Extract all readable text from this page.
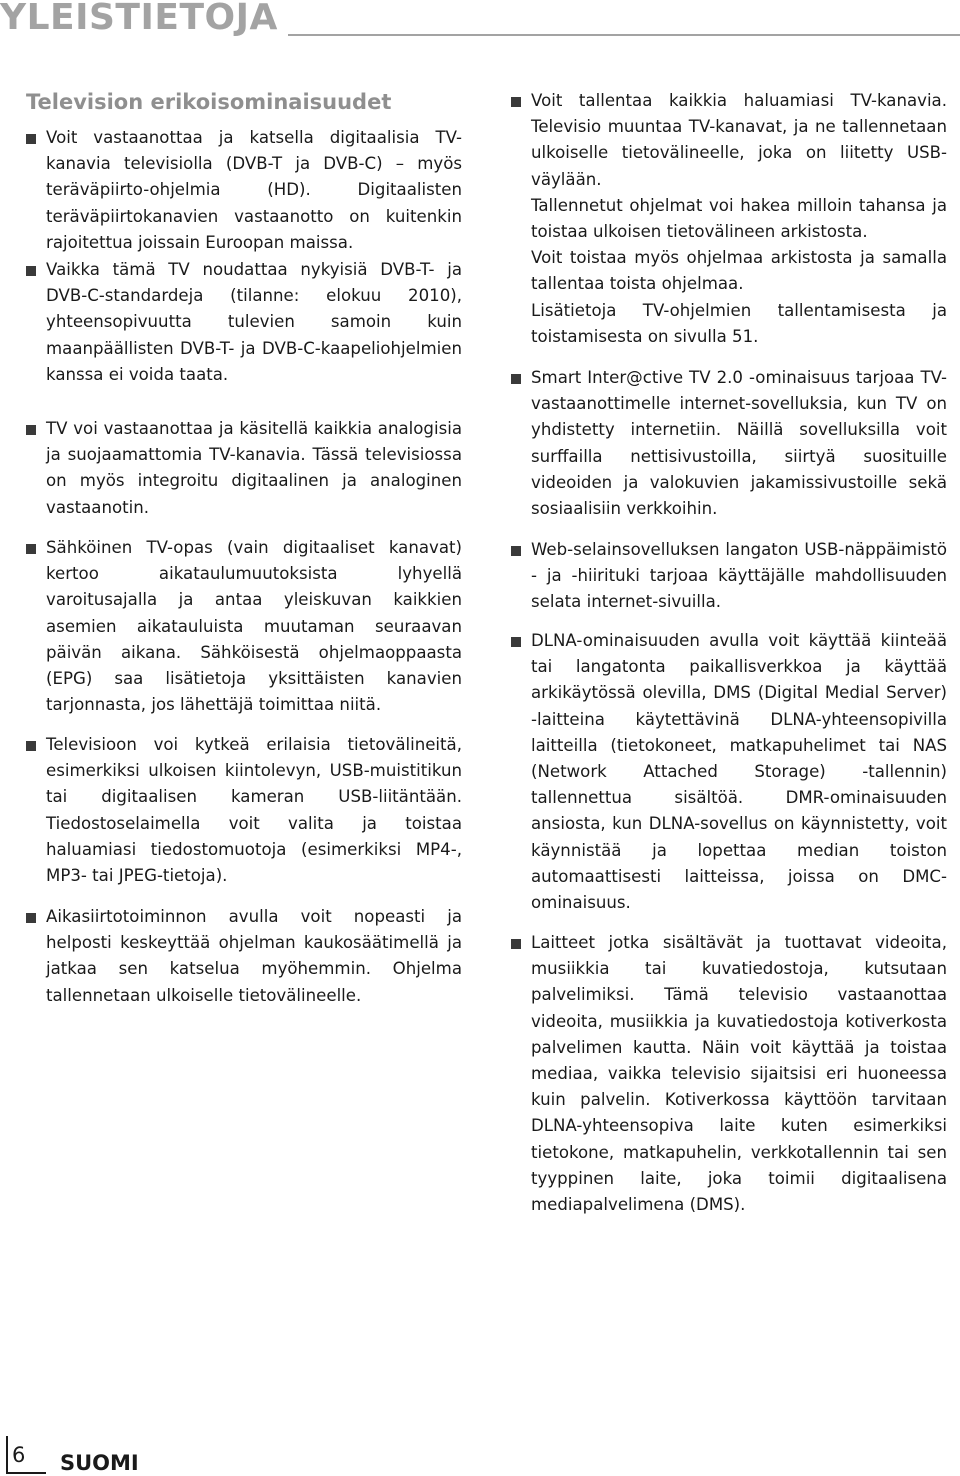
YLEISTIETOJA
Television erikoisominaisuudet

Voit vastaanottaa ja katsella digitaalisia TV-kanavia televisiolla (DVB-T ja DVB-C) – myös teräväpiirto-ohjelmia (HD). Digitaalisten teräväpiirtokanavien vastaanotto on kuitenkin rajoitettua joissain Euroopan maissa.

Vaikka tämä TV noudattaa nykyisiä DVB-T- ja DVB-C-standardeja (tilanne: elokuu 2010), yhteensopivuutta tulevien samoin kuin maanpäällisten DVB-T- ja DVB-C-kaapeliohjelmien kanssa ei voida taata.

TV voi vastaanottaa ja käsitellä kaikkia analogisia ja suojaamattomia TV-kanavia. Tässä televisiossa on myös integroitu digitaalinen ja analoginen vastaanotin.

Sähköinen TV-opas (vain digitaaliset kanavat) kertoo aikataulumuutoksista lyhyellä varoitusajalla ja antaa yleiskuvan kaikkien asemien aikatauluista muutaman seuraavan päivän aikana. Sähköisestä ohjelmaoppaasta (EPG) saa lisätietoja yksittäisten kanavien tarjonnasta, jos lähettäjä toimittaa niitä.

Televisioon voi kytkeä erilaisia tietovälineitä, esimerkiksi ulkoisen kiintolevyn, USB-muistitikun tai digitaalisen kameran USB-liitäntään. Tiedostoselaimella voit valita ja toistaa haluamiasi tiedostomuotoja (esimerkiksi MP4-, MP3- tai JPEG-tietoja).

Aikasiirtotoiminnon avulla voit nopeasti ja helposti keskeyttää ohjelman kaukosäätimellä ja jatkaa sen katselua myöhemmin. Ohjelma tallennetaan ulkoiselle tietovälineelle.

Voit tallentaa kaikkia haluamiasi TV-kanavia. Televisio muuntaa TV-kanavat, ja ne tallennetaan ulkoiselle tietovälineelle, joka on liitetty USB-väylään.

Tallennetut ohjelmat voi hakea milloin tahansa ja toistaa ulkoisen tietovälineen arkistosta.

Voit toistaa myös ohjelmaa arkistosta ja samalla tallentaa toista ohjelmaa.

Lisätietoja TV-ohjelmien tallentamisesta ja toistamisesta on sivulla 51.

Smart Inter@ctive TV 2.0 -ominaisuus tarjoaa TV-vastaanottimelle internet-sovelluksia, kun TV on yhdistetty internetiin. Näillä sovelluksilla voit surffailla nettisivustoilla, siirtyä suosituille videoiden ja valokuvien jakamissivustoille sekä sosiaalisiin verkkoihin.

Web-selainsovelluksen langaton USB-näppäimistö - ja -hiirituki tarjoaa käyttäjälle mahdollisuuden selata internet-sivuilla.

DLNA-ominaisuuden avulla voit käyttää kiinteää tai langatonta paikallisverkkoa ja käyttää arkikäytössä olevilla, DMS (Digital Medial Server) -laitteina käytettävinä DLNA-yhteensopivilla laitteilla (tietokoneet, matkapuhelimet tai NAS (Network Attached Storage) -tallennin) tallennettua sisältöä. DMR-ominaisuuden ansiosta, kun DLNA-sovellus on käynnistetty, voit käynnistää ja lopettaa median toiston automaattisesti laitteissa, joissa on DMC-ominaisuus.

Laitteet jotka sisältävät ja tuottavat videoita, musiikkia tai kuvatiedostoja, kutsutaan palvelimiksi. Tämä televisio vastaanottaa videoita, musiikkia ja kuvatiedostoja kotiverkosta palvelimen kautta. Näin voit käyttää ja toistaa mediaa, vaikka televisio sijaitsisi eri huoneessa kuin palvelin. Kotiverkossa käyttöön tarvitaan DLNA-yhteensopiva laite kuten esimerkiksi tietokone, matkapuhelin, verkkotallennin tai sen tyyppinen laite, joka toimii digitaalisena mediapalvelimena (DMS).

6 SUOMI
